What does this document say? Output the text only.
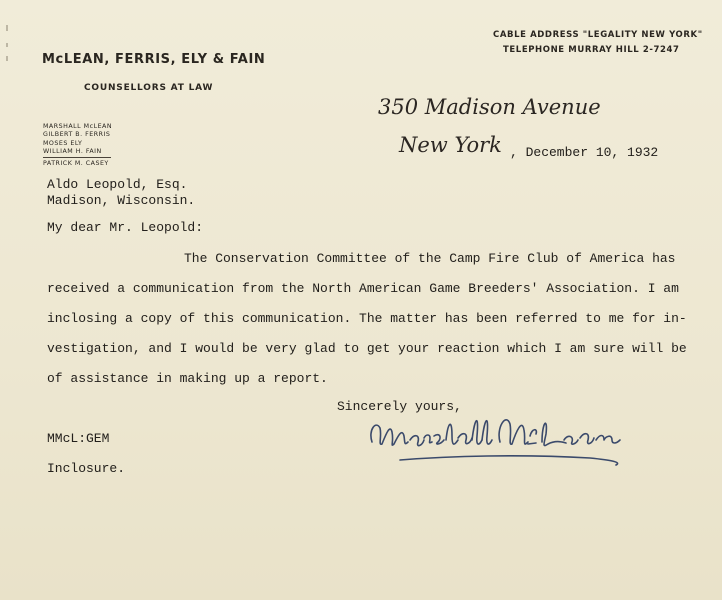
McLEAN, FERRIS, ELY & FAIN
COUNSELLORS AT LAW
CABLE ADDRESS "LEGALITY NEW YORK"
TELEPHONE MURRAY HILL 2-7247
MARSHALL McLEAN
GILBERT B. FERRIS
MOSES ELY
WILLIAM H. FAIN
PATRICK M. CASEY
350 Madison Avenue
New York , December 10, 1932
Aldo Leopold, Esq.
Madison, Wisconsin.
My dear Mr. Leopold:
The Conservation Committee of the Camp Fire Club of America has
received a communication from the North American Game Breeders' Association. I am
inclosing a copy of this communication. The matter has been referred to me for in-
vestigation, and I would be very glad to get your reaction which I am sure will be
of assistance in making up a report.
Sincerely yours,
MMcL:GEM
Inclosure.
